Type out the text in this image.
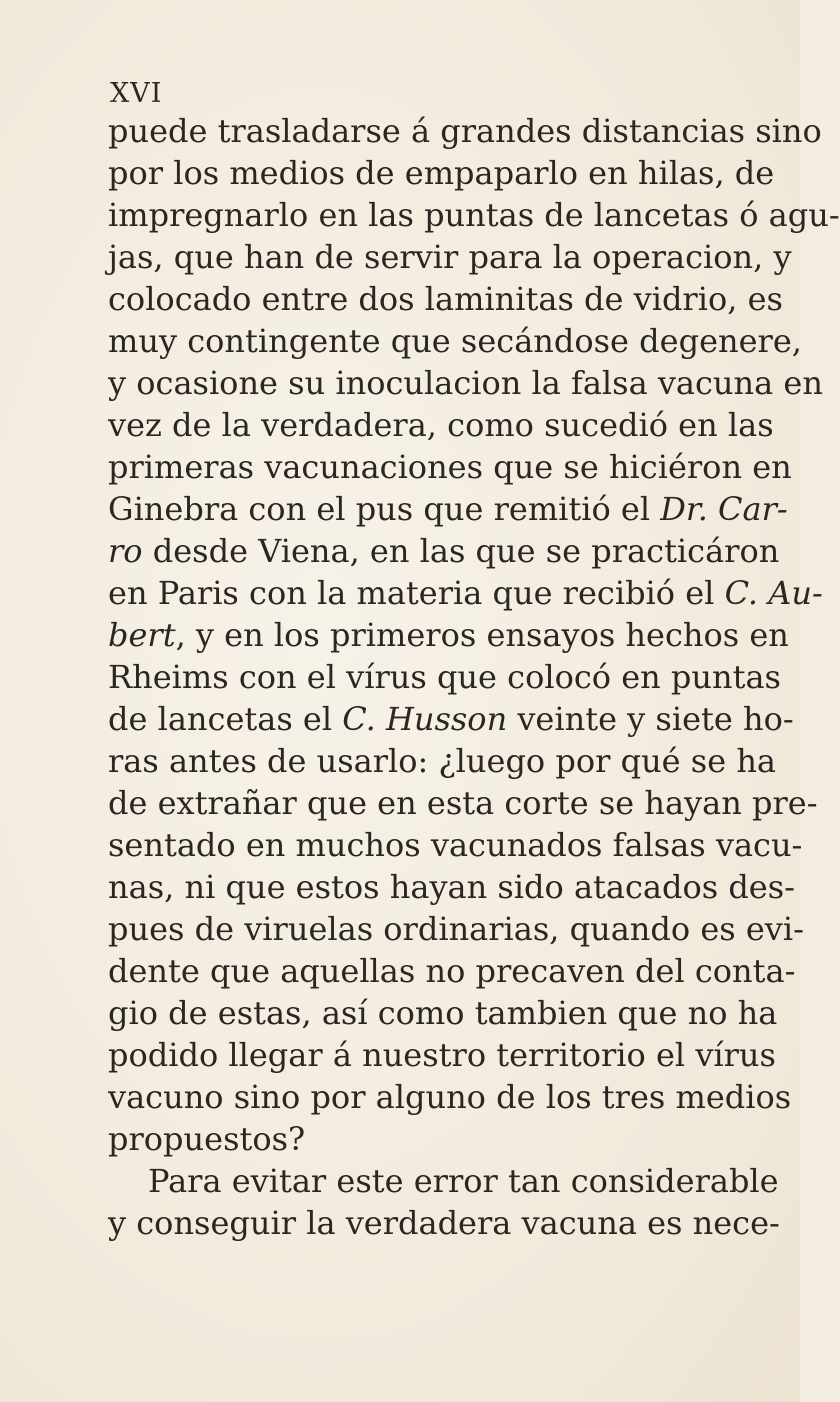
XVI
puede trasladarse á grandes distancias sino
por los medios de empaparlo en hilas, de
impregnarlo en las puntas de lancetas ó agu-
jas, que han de servir para la operacion, y
colocado entre dos laminitas de vidrio, es
muy contingente que secándose degenere,
y ocasione su inoculacion la falsa vacuna en
vez de la verdadera, como sucedió en las
primeras vacunaciones que se hiciéron en
Ginebra con el pus que remitió el Dr. Car-
ro desde Viena, en las que se practicáron
en Paris con la materia que recibió el C. Au-
bert, y en los primeros ensayos hechos en
Rheims con el vírus que colocó en puntas
de lancetas el C. Husson veinte y siete ho-
ras antes de usarlo: ¿luego por qué se ha
de extrañar que en esta corte se hayan pre-
sentado en muchos vacunados falsas vacu-
nas, ni que estos hayan sido atacados des-
pues de viruelas ordinarias, quando es evi-
dente que aquellas no precaven del conta-
gio de estas, así como tambien que no ha
podido llegar á nuestro territorio el vírus
vacuno sino por alguno de los tres medios
propuestos?
Para evitar este error tan considerable
y conseguir la verdadera vacuna es nece-
